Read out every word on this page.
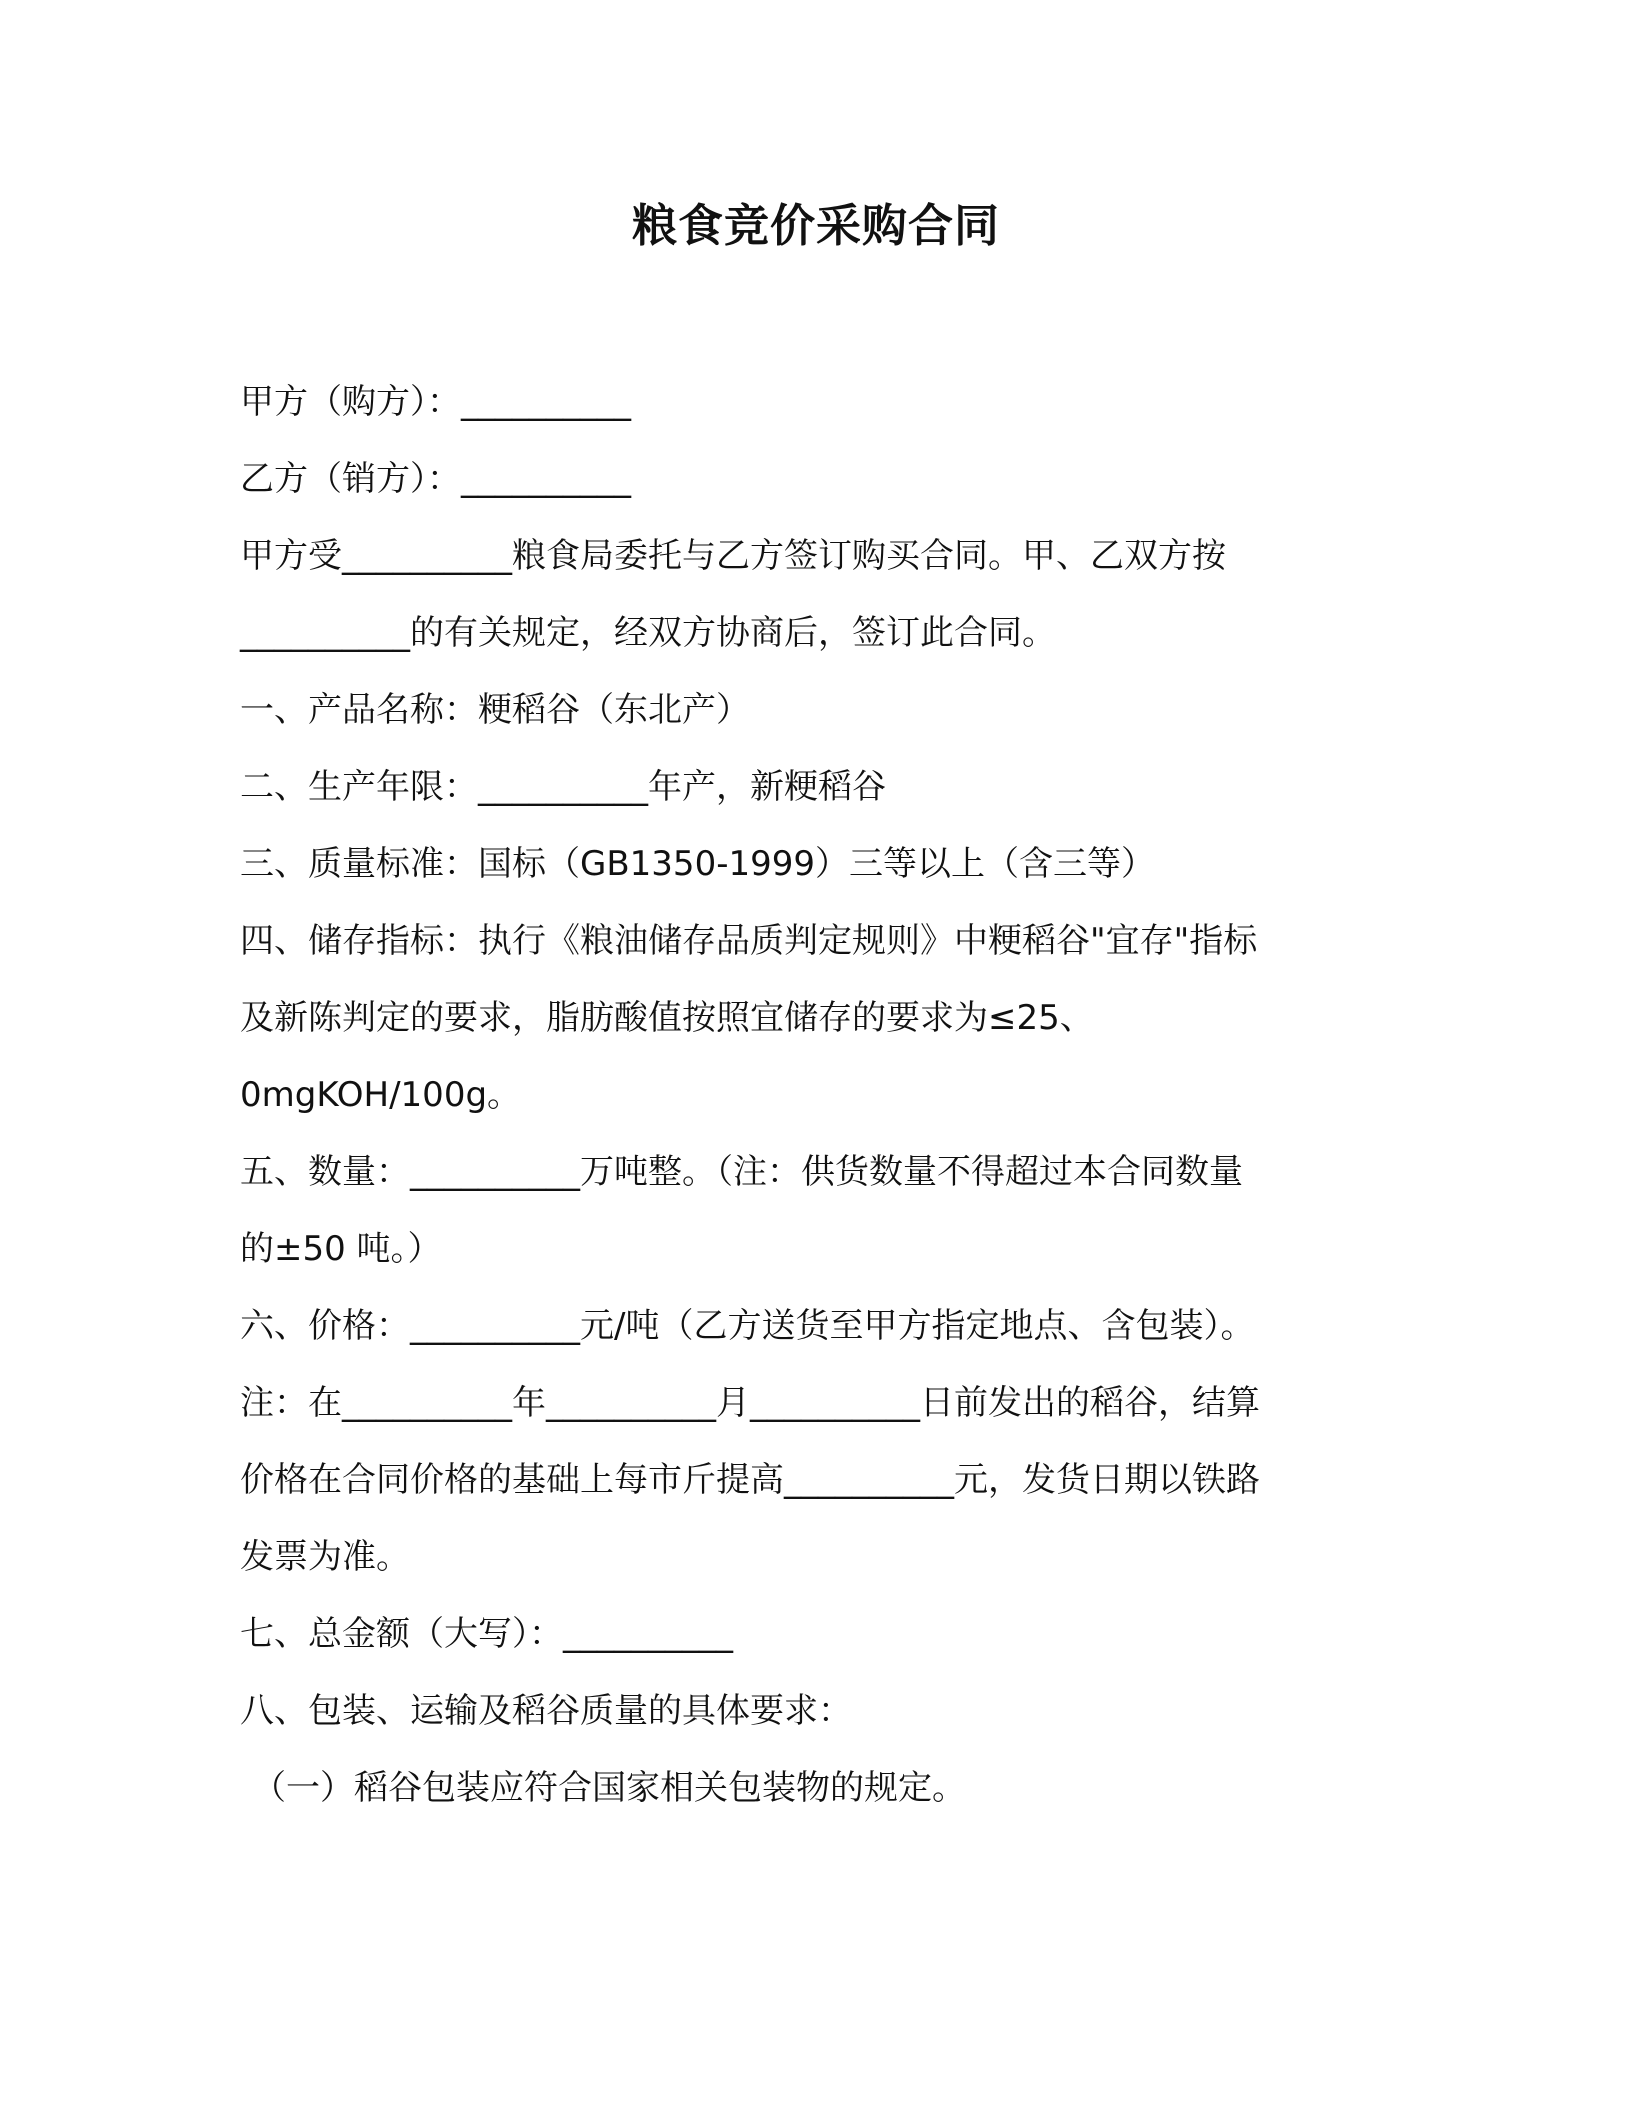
粮食竞价采购合同
甲方（购方）：__________
乙方（销方）：__________
甲方受__________粮食局委托与乙方签订购买合同。甲、乙双方按
__________的有关规定，经双方协商后，签订此合同。
一、产品名称：粳稻谷（东北产）
二、生产年限：__________年产，新粳稻谷
三、质量标准：国标（GB1350-1999）三等以上（含三等）
四、储存指标：执行《粮油储存品质判定规则》中粳稻谷"宜存"指标
及新陈判定的要求，脂肪酸值按照宜储存的要求为≤25、
0mgKOH/100g。
五、数量：__________万吨整。（注：供货数量不得超过本合同数量
的±50 吨。）
六、价格：__________元/吨（乙方送货至甲方指定地点、含包装）。
注：在__________年__________月__________日前发出的稻谷，结算
价格在合同价格的基础上每市斤提高__________元，发货日期以铁路
发票为准。
七、总金额（大写）：__________
八、包装、运输及稻谷质量的具体要求：
（一）稻谷包装应符合国家相关包装物的规定。
